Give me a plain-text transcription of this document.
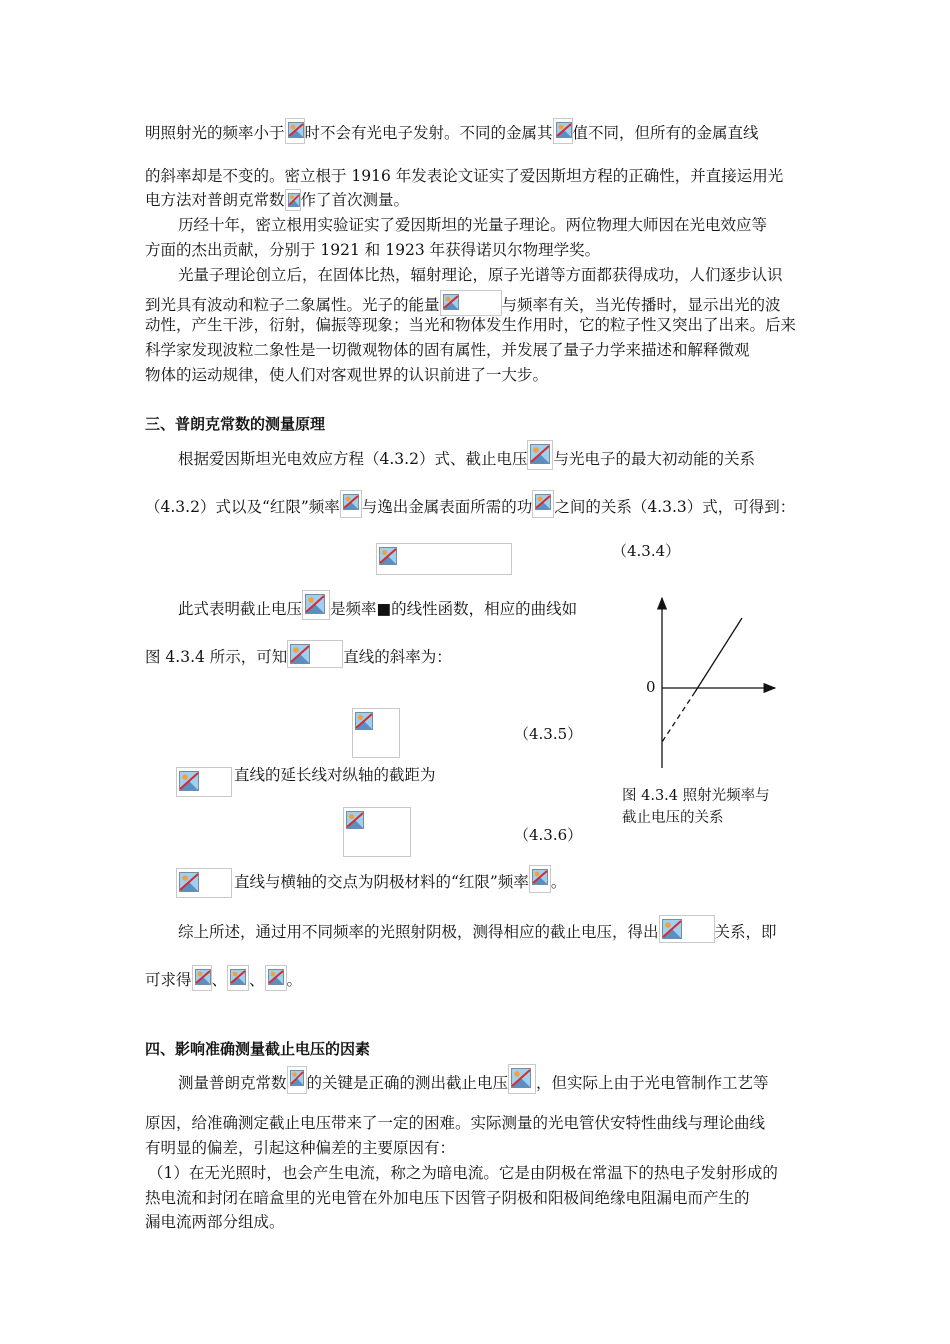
明照射光的频率小于 时不会有光电子发射。不同的金属其 值不同，但所有的金属直线
的斜率却是不变的。密立根于 1916 年发表论文证实了爱因斯坦方程的正确性，并直接运用光
电方法对普朗克常数 作了首次测量。
历经十年，密立根用实验证实了爱因斯坦的光量子理论。两位物理大师因在光电效应等
方面的杰出贡献，分别于 1921 和 1923 年获得诺贝尔物理学奖。
光量子理论创立后，在固体比热，辐射理论，原子光谱等方面都获得成功，人们逐步认识
到光具有波动和粒子二象属性。光子的能量	与频率有关，当光传播时，显示出光的波
动性，产生干涉，衍射，偏振等现象；当光和物体发生作用时，它的粒子性又突出了出来。后来
科学家发现波粒二象性是一切微观物体的固有属性，并发展了量子力学来描述和解释微观
物体的运动规律，使人们对客观世界的认识前进了一大步。
三、普朗克常数的测量原理
根据爱因斯坦光电效应方程（4.3.2）式、截止电压 与光电子的最大初动能的关系
（4.3.2）式以及“红限”频率 与逸出金属表面所需的功 之间的关系（4.3.3）式，可得到：
（4.3.4）
此式表明截止电压 是频率■的线性函数，相应的曲线如
图 4.3.4 所示，可知	直线的斜率为：
0
图 4.3.4 照射光频率与
截止电压的关系
（4.3.5）
直线的延长线对纵轴的截距为
（4.3.6）
直线与横轴的交点为阴极材料的“红限”频率 。
综上所述，通过用不同频率的光照射阴极，测得相应的截止电压，得出	关系，即
可求得 、 、 。
四、影响准确测量截止电压的因素
测量普朗克常数 的关键是正确的测出截止电压 ，但实际上由于光电管制作工艺等
原因，给准确测定截止电压带来了一定的困难。实际测量的光电管伏安特性曲线与理论曲线
有明显的偏差，引起这种偏差的主要原因有：
（1）在无光照时，也会产生电流，称之为暗电流。它是由阴极在常温下的热电子发射形成的
热电流和封闭在暗盒里的光电管在外加电压下因管子阴极和阳极间绝缘电阻漏电而产生的
漏电流两部分组成。
